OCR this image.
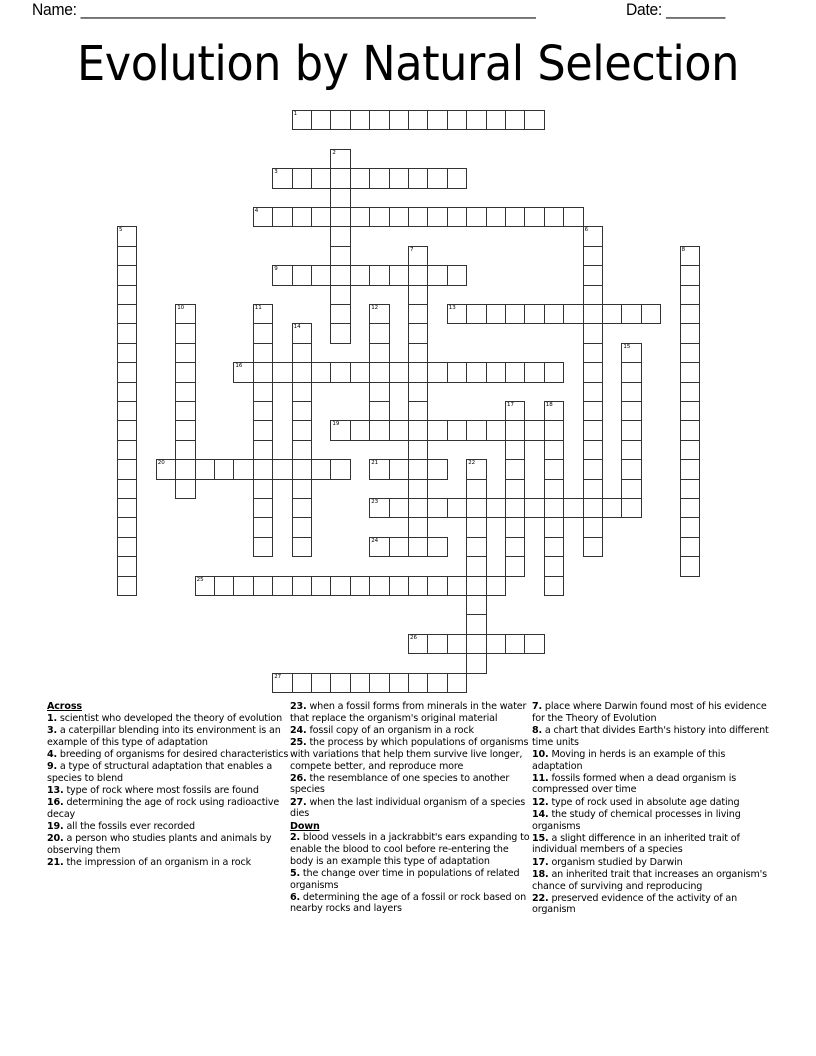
Name: ______________________________________________________	Date: _______
Evolution by Natural Selection
1
3
4
9
13
16
19
20	21
23
24
25
26
27
2
5	6
7	8
10	11	12
14
15
17	18
22
Across

1. scientist who developed the theory of evolution

3. a caterpillar blending into its environment is an example of this type of adaptation

4. breeding of organisms for desired characteristics

9. a type of structural adaptation that enables a species to blend

13. type of rock where most fossils are found

16. determining the age of rock using radioactive decay

19. all the fossils ever recorded

20. a person who studies plants and animals by observing them

21. the impression of an organism in a rock

23. when a fossil forms from minerals in the water that replace the organism's original material

24. fossil copy of an organism in a rock

25. the process by which populations of organisms with variations that help them survive live longer, compete better, and reproduce more

26. the resemblance of one species to another species

27. when the last individual organism of a species dies

Down

2. blood vessels in a jackrabbit's ears expanding to enable the blood to cool before re-entering the body is an example this type of adaptation

5. the change over time in populations of related organisms

6. determining the age of a fossil or rock based on nearby rocks and layers

7. place where Darwin found most of his evidence for the Theory of Evolution

8. a chart that divides Earth's history into different time units

10. Moving in herds is an example of this adaptation

11. fossils formed when a dead organism is compressed over time

12. type of rock used in absolute age dating

14. the study of chemical processes in living organisms

15. a slight difference in an inherited trait of individual members of a species

17. organism studied by Darwin

18. an inherited trait that increases an organism's chance of surviving and reproducing

22. preserved evidence of the activity of an organism
